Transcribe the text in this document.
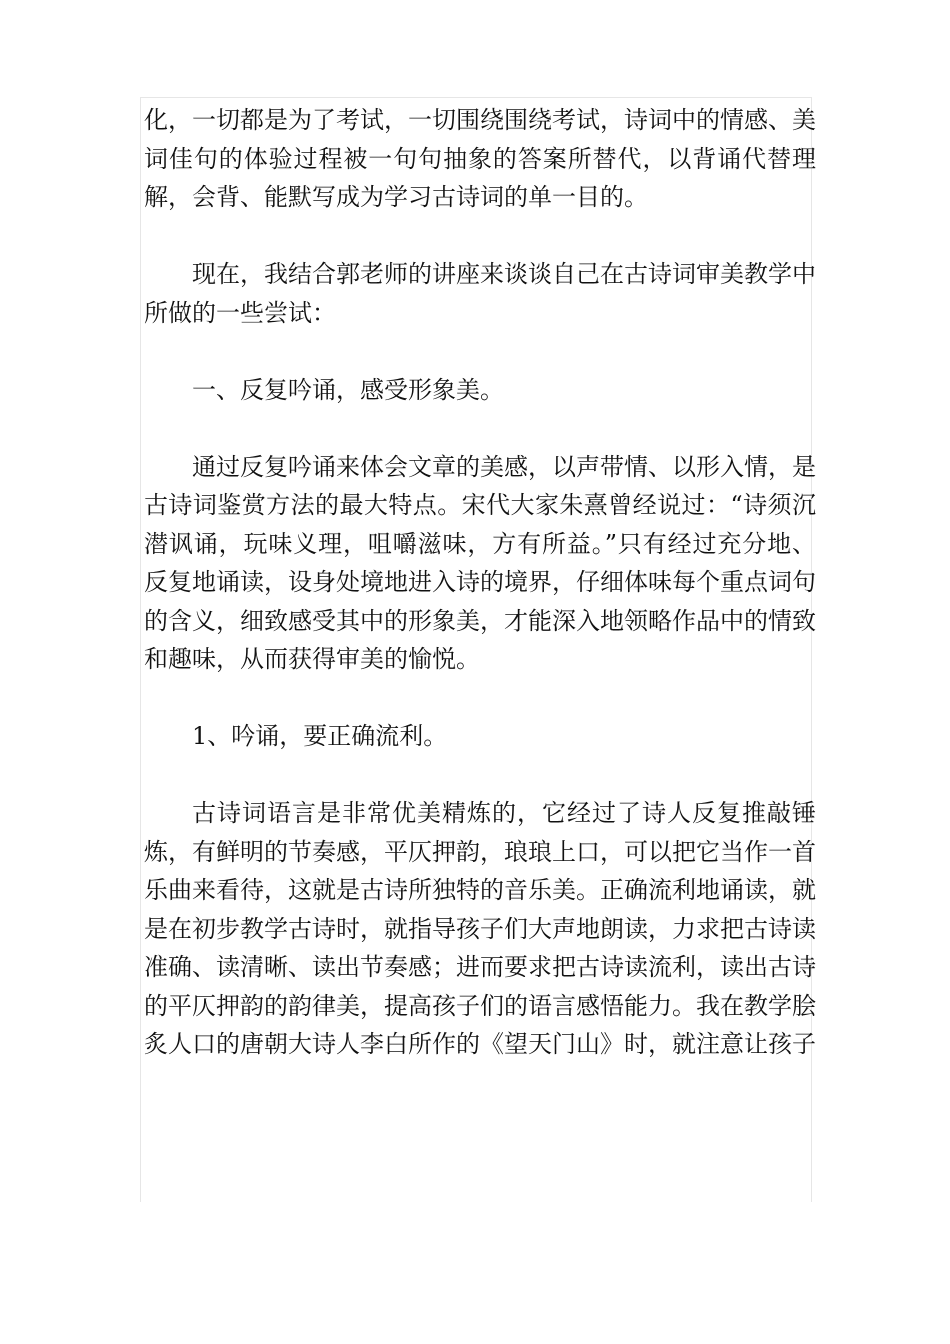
化，一切都是为了考试，一切围绕围绕考试，诗词中的情感、美词佳句的体验过程被一句句抽象的答案所替代，以背诵代替理解，会背、能默写成为学习古诗词的单一目的。

现在，我结合郭老师的讲座来谈谈自己在古诗词审美教学中所做的一些尝试：

一、反复吟诵，感受形象美。

通过反复吟诵来体会文章的美感，以声带情、以形入情，是古诗词鉴赏方法的最大特点。宋代大家朱熹曾经说过：“诗须沉潜讽诵，玩味义理，咀嚼滋味，方有所益。”只有经过充分地、反复地诵读，设身处境地进入诗的境界，仔细体味每个重点词句的含义，细致感受其中的形象美，才能深入地领略作品中的情致和趣味，从而获得审美的愉悦。

1、吟诵，要正确流利。

古诗词语言是非常优美精炼的，它经过了诗人反复推敲锤炼，有鲜明的节奏感，平仄押韵，琅琅上口，可以把它当作一首乐曲来看待，这就是古诗所独特的音乐美。正确流利地诵读，就是在初步教学古诗时，就指导孩子们大声地朗读，力求把古诗读准确、读清晰、读出节奏感；进而要求把古诗读流利，读出古诗的平仄押韵的韵律美，提高孩子们的语言感悟能力。我在教学脍炙人口的唐朝大诗人李白所作的《望天门山》时，就注意让孩子
